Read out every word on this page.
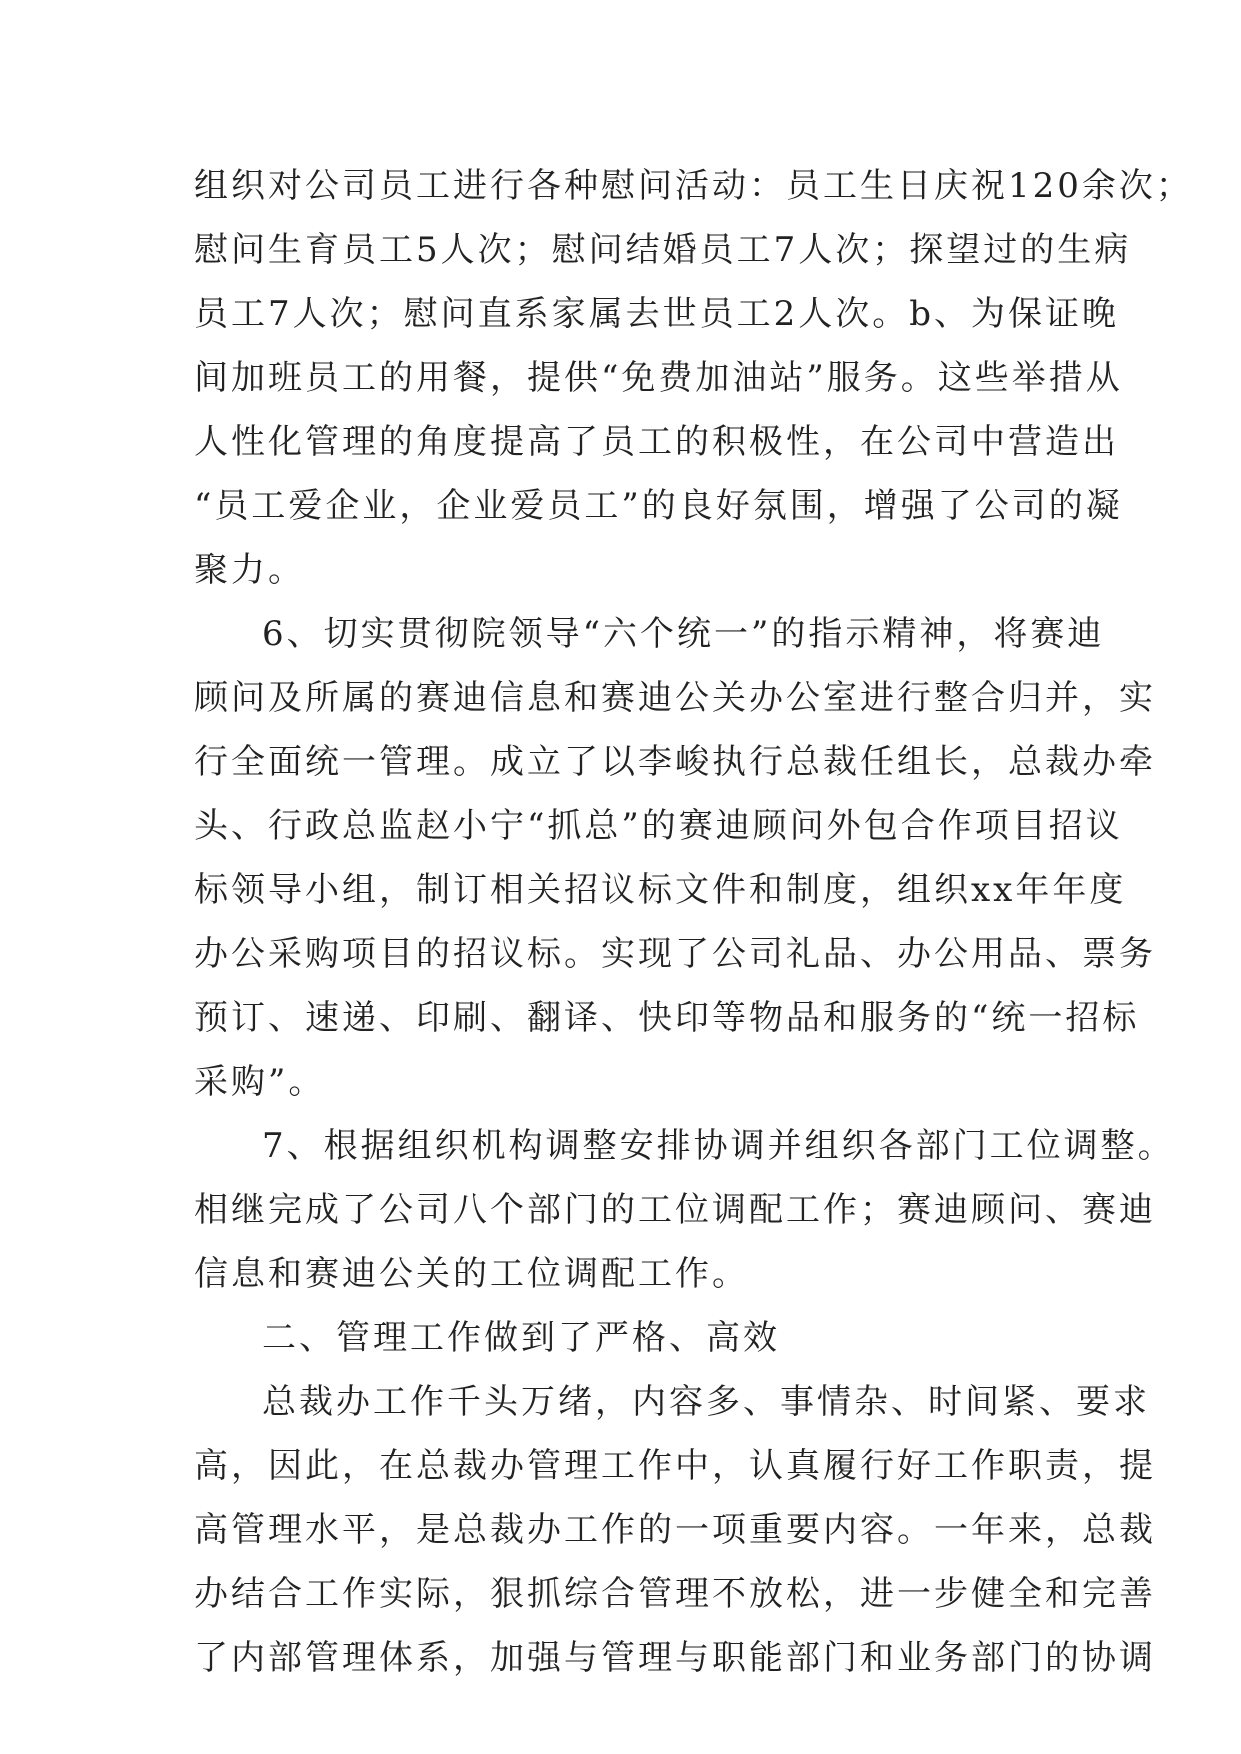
组织对公司员工进行各种慰问活动：员工生日庆祝120余次；
慰问生育员工5人次；慰问结婚员工7人次；探望过的生病
员工7人次；慰问直系家属去世员工2人次。b、为保证晚
间加班员工的用餐，提供“免费加油站”服务。这些举措从
人性化管理的角度提高了员工的积极性，在公司中营造出
“员工爱企业，企业爱员工”的良好氛围，增强了公司的凝
聚力。
6、切实贯彻院领导“六个统一”的指示精神，将赛迪
顾问及所属的赛迪信息和赛迪公关办公室进行整合归并，实
行全面统一管理。成立了以李峻执行总裁任组长，总裁办牵
头、行政总监赵小宁“抓总”的赛迪顾问外包合作项目招议
标领导小组，制订相关招议标文件和制度，组织xx年年度
办公采购项目的招议标。实现了公司礼品、办公用品、票务
预订、速递、印刷、翻译、快印等物品和服务的“统一招标
采购”。
7、根据组织机构调整安排协调并组织各部门工位调整。
相继完成了公司八个部门的工位调配工作；赛迪顾问、赛迪
信息和赛迪公关的工位调配工作。
二、管理工作做到了严格、高效
总裁办工作千头万绪，内容多、事情杂、时间紧、要求
高，因此，在总裁办管理工作中，认真履行好工作职责，提
高管理水平，是总裁办工作的一项重要内容。一年来，总裁
办结合工作实际，狠抓综合管理不放松，进一步健全和完善
了内部管理体系，加强与管理与职能部门和业务部门的协调
